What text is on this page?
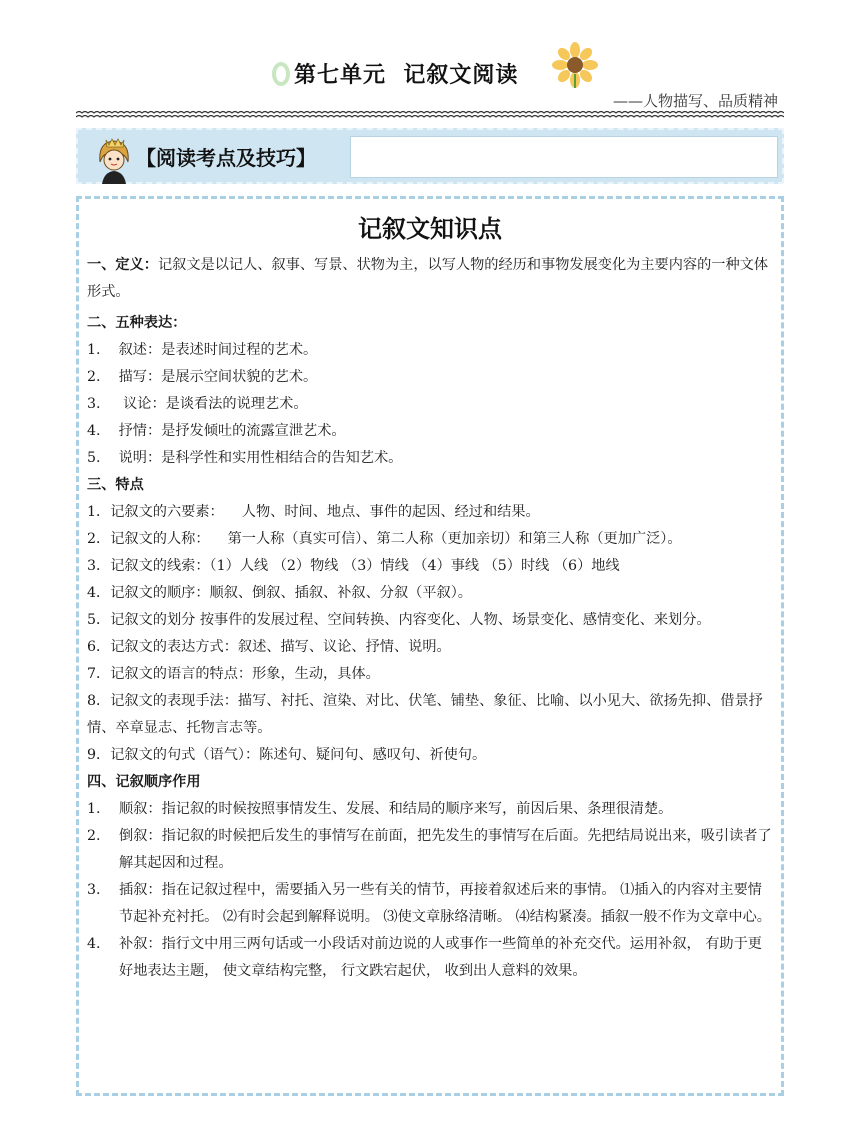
第七单元  记叙文阅读
——人物描写、品质精神
【阅读考点及技巧】
记叙文知识点

一、定义：记叙文是以记人、叙事、写景、状物为主，以写人物的经历和事物发展变化为主要内容的一种文体形式。

二、五种表达：

1.    叙述：是表述时间过程的艺术。

2.    描写：是展示空间状貌的艺术。

3.     议论：是谈看法的说理艺术。

4.    抒情：是抒发倾吐的流露宣泄艺术。

5.    说明：是科学性和实用性相结合的告知艺术。

三、特点

1．记叙文的六要素：    人物、时间、地点、事件的起因、经过和结果。

2．记叙文的人称：    第一人称（真实可信）、第二人称（更加亲切）和第三人称（更加广泛）。

3．记叙文的线索：（1）人线 （2）物线 （3）情线 （4）事线 （5）时线 （6）地线

4．记叙文的顺序：顺叙、倒叙、插叙、补叙、分叙（平叙）。

5．记叙文的划分 按事件的发展过程、空间转换、内容变化、人物、场景变化、感情变化、来划分。

6．记叙文的表达方式：叙述、描写、议论、抒情、说明。

7．记叙文的语言的特点：形象，生动，具体。

8．记叙文的表现手法：描写、衬托、渲染、对比、伏笔、铺垫、象征、比喻、以小见大、欲扬先抑、借景抒情、卒章显志、托物言志等。

9．记叙文的句式（语气）：陈述句、疑问句、感叹句、祈使句。

四、记叙顺序作用

1.	顺叙：指记叙的时候按照事情发生、发展、和结局的顺序来写，前因后果、条理很清楚。
2.	倒叙：指记叙的时候把后发生的事情写在前面，把先发生的事情写在后面。先把结局说出来，吸引读者了解其起因和过程。
3.	插叙：指在记叙过程中，需要插入另一些有关的情节，再接着叙述后来的事情。 ⑴插入的内容对主要情节起补充衬托。 ⑵有时会起到解释说明。 ⑶使文章脉络清晰。 ⑷结构紧凑。插叙一般不作为文章中心。
4.	补叙：指行文中用三两句话或一小段话对前边说的人或事作一些简单的补充交代。运用补叙， 有助于更好地表达主题， 使文章结构完整， 行文跌宕起伏， 收到出人意料的效果。
